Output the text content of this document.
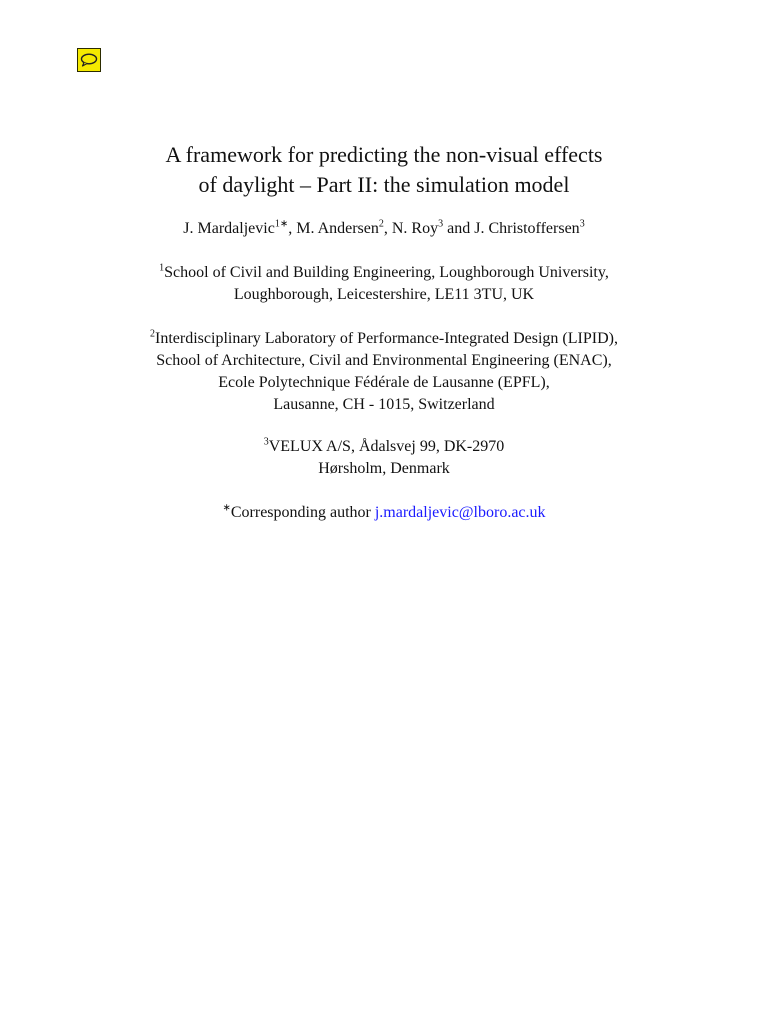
A framework for predicting the non-visual effects
of daylight – Part II: the simulation model
J. Mardaljevic$^{1∗}$, M. Andersen$^2$, N. Roy$^3$ and J. Christoffersen$^3$
$^1$School of Civil and Building Engineering, Loughborough University,
Loughborough, Leicestershire, LE11 3TU, UK
$^2$Interdisciplinary Laboratory of Performance-Integrated Design (LIPID),
School of Architecture, Civil and Environmental Engineering (ENAC),
Ecole Polytechnique Fédérale de Lausanne (EPFL),
Lausanne, CH - 1015, Switzerland
$^3$VELUX A/S, Ådalsvej 99, DK-2970
Hørsholm, Denmark
∗Corresponding author j.mardaljevic@lboro.ac.uk
